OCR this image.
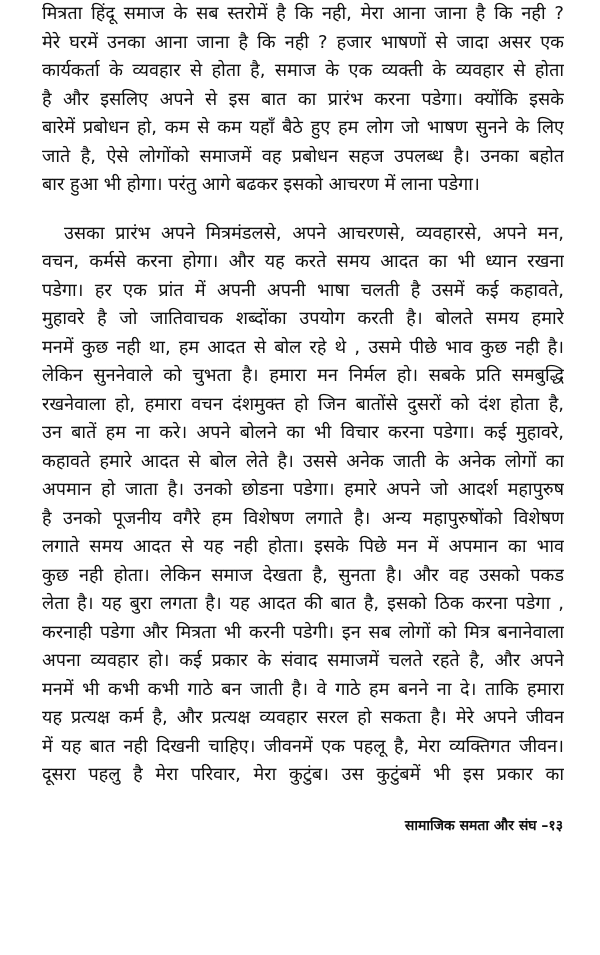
मित्रता हिंदू समाज के सब स्तरोमें है कि नही, मेरा आना जाना है कि नही ?
मेरे घरमें उनका आना जाना है कि नही ? हजार भाषणों से जादा असर एक
कार्यकर्ता के व्यवहार से होता है, समाज के एक व्यक्ती के व्यवहार से होता
है और इसलिए अपने से इस बात का प्रारंभ करना पडेगा। क्योंकि इसके
बारेमें प्रबोधन हो, कम से कम यहाँ बैठे हुए हम लोग जो भाषण सुनने के लिए
जाते है, ऐसे लोगोंको समाजमें वह प्रबोधन सहज उपलब्ध है। उनका बहोत
बार हुआ भी होगा। परंतु आगे बढकर इसको आचरण में लाना पडेगा।
उसका प्रारंभ अपने मित्रमंडलसे, अपने आचरणसे, व्यवहारसे, अपने मन,
वचन, कर्मसे करना होगा। और यह करते समय आदत का भी ध्यान रखना
पडेगा। हर एक प्रांत में अपनी अपनी भाषा चलती है उसमें कई कहावते,
मुहावरे है जो जातिवाचक शब्दोंका उपयोग करती है। बोलते समय हमारे
मनमें कुछ नही था, हम आदत से बोल रहे थे , उसमे पीछे भाव कुछ नही है।
लेकिन सुननेवाले को चुभता है। हमारा मन निर्मल हो। सबके प्रति समबुद्धि
रखनेवाला हो, हमारा वचन दंशमुक्त हो जिन बातोंसे दुसरों को दंश होता है,
उन बातें हम ना करे। अपने बोलने का भी विचार करना पडेगा। कई मुहावरे,
कहावते हमारे आदत से बोल लेते है। उससे अनेक जाती के अनेक लोगों का
अपमान हो जाता है। उनको छोडना पडेगा। हमारे अपने जो आदर्श महापुरुष
है उनको पूजनीय वगैरे हम विशेषण लगाते है। अन्य महापुरुषोंको विशेषण
लगाते समय आदत से यह नही होता। इसके पिछे मन में अपमान का भाव
कुछ नही होता। लेकिन समाज देखता है, सुनता है। और वह उसको पकड
लेता है। यह बुरा लगता है। यह आदत की बात है, इसको ठिक करना पडेगा ,
करनाही पडेगा और मित्रता भी करनी पडेगी। इन सब लोगों को मित्र बनानेवाला
अपना व्यवहार हो। कई प्रकार के संवाद समाजमें चलते रहते है, और अपने
मनमें भी कभी कभी गाठे बन जाती है। वे गाठे हम बनने ना दे। ताकि हमारा
यह प्रत्यक्ष कर्म है, और प्रत्यक्ष व्यवहार सरल हो सकता है। मेरे अपने जीवन
में यह बात नही दिखनी चाहिए। जीवनमें एक पहलू है, मेरा व्यक्तिगत जीवन।
दूसरा पहलु है मेरा परिवार, मेरा कुटुंब। उस कुटुंबमें भी इस प्रकार का
सामाजिक समता और संघ –१३
